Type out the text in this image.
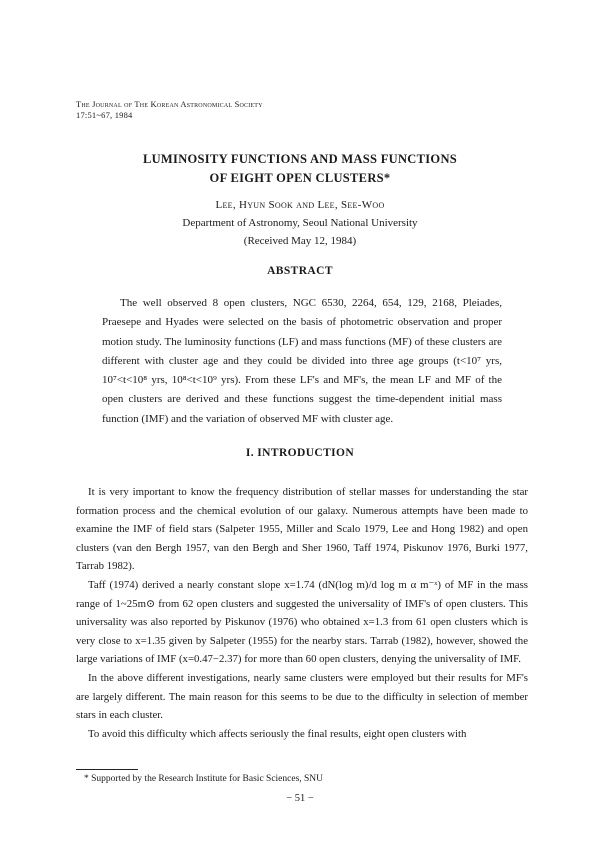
The Journal of The Korean Astronomical Society
17:51~67, 1984
LUMINOSITY FUNCTIONS AND MASS FUNCTIONS
OF EIGHT OPEN CLUSTERS*
Lee, Hyun Sook and Lee, See-Woo
Department of Astronomy, Seoul National University
(Received May 12, 1984)
ABSTRACT

The well observed 8 open clusters, NGC 6530, 2264, 654, 129, 2168, Pleiades, Praesepe and Hyades were selected on the basis of photometric observation and proper motion study. The luminosity functions (LF) and mass functions (MF) of these clusters are different with cluster age and they could be divided into three age groups (t<10⁷ yrs, 10⁷<t<10⁸ yrs, 10⁸<t<10⁹ yrs). From these LF's and MF's, the mean LF and MF of the open clusters are derived and these functions suggest the time-dependent initial mass function (IMF) and the variation of observed MF with cluster age.

I. INTRODUCTION

It is very important to know the frequency distribution of stellar masses for understanding the star formation process and the chemical evolution of our galaxy. Numerous attempts have been made to examine the IMF of field stars (Salpeter 1955, Miller and Scalo 1979, Lee and Hong 1982) and open clusters (van den Bergh 1957, van den Bergh and Sher 1960, Taff 1974, Piskunov 1976, Burki 1977, Tarrab 1982).

Taff (1974) derived a nearly constant slope x=1.74 (dN(log m)/d log m α m⁻ˣ) of MF in the mass range of 1~25m⊙ from 62 open clusters and suggested the universality of IMF's of open clusters. This universality was also reported by Piskunov (1976) who obtained x=1.3 from 61 open clusters which is very close to x=1.35 given by Salpeter (1955) for the nearby stars. Tarrab (1982), however, showed the large variations of IMF (x=0.47−2.37) for more than 60 open clusters, denying the universality of IMF.

In the above different investigations, nearly same clusters were employed but their results for MF's are largely different. The main reason for this seems to be due to the difficulty in selection of member stars in each cluster.

To avoid this difficulty which affects seriously the final results, eight open clusters with

* Supported by the Research Institute for Basic Sciences, SNU
− 51 −
